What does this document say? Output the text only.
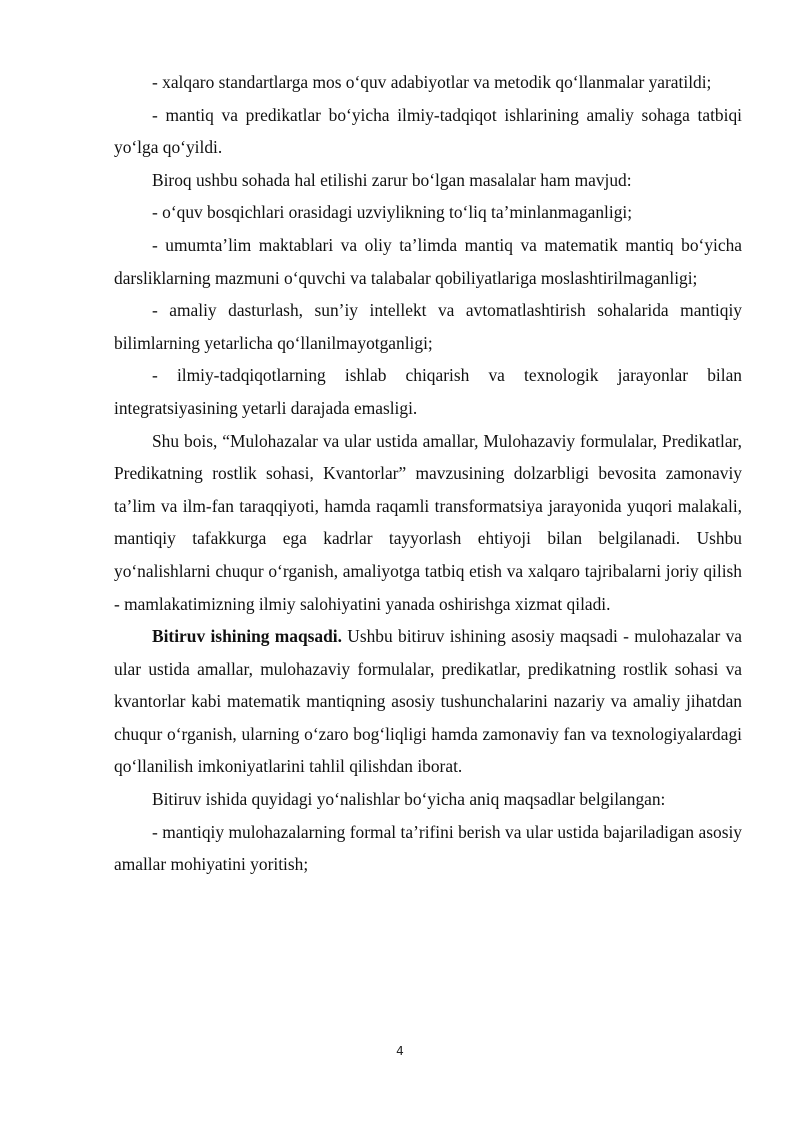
- xalqaro standartlarga mos o‘quv adabiyotlar va metodik qo‘llanmalar yaratildi;

- mantiq va predikatlar bo‘yicha ilmiy-tadqiqot ishlarining amaliy sohaga tatbiqi yo‘lga qo‘yildi.

Biroq ushbu sohada hal etilishi zarur bo‘lgan masalalar ham mavjud:

- o‘quv bosqichlari orasidagi uzviylikning to‘liq ta’minlanmaganligi;

- umumta’lim maktablari va oliy ta’limda mantiq va matematik mantiq bo‘yicha darsliklarning mazmuni o‘quvchi va talabalar qobiliyatlariga moslashtirilmaganligi;

- amaliy dasturlash, sun’iy intellekt va avtomatlashtirish sohalarida mantiqiy bilimlarning yetarlicha qo‘llanilmayotganligi;

- ilmiy-tadqiqotlarning ishlab chiqarish va texnologik jarayonlar bilan integratsiyasining yetarli darajada emasligi.

Shu bois, “Mulohazalar va ular ustida amallar, Mulohazaviy formulalar, Predikatlar, Predikatning rostlik sohasi, Kvantorlar” mavzusining dolzarbligi bevosita zamonaviy ta’lim va ilm-fan taraqqiyoti, hamda raqamli transformatsiya jarayonida yuqori malakali, mantiqiy tafakkurga ega kadrlar tayyorlash ehtiyoji bilan belgilanadi. Ushbu yo‘nalishlarni chuqur o‘rganish, amaliyotga tatbiq etish va xalqaro tajribalarni joriy qilish - mamlakatimizning ilmiy salohiyatini yanada oshirishga xizmat qiladi.

Bitiruv ishining maqsadi. Ushbu bitiruv ishining asosiy maqsadi - mulohazalar va ular ustida amallar, mulohazaviy formulalar, predikatlar, predikatning rostlik sohasi va kvantorlar kabi matematik mantiqning asosiy tushunchalarini nazariy va amaliy jihatdan chuqur o‘rganish, ularning o‘zaro bog‘liqligi hamda zamonaviy fan va texnologiyalardagi qo‘llanilish imkoniyatlarini tahlil qilishdan iborat.

Bitiruv ishida quyidagi yo‘nalishlar bo‘yicha aniq maqsadlar belgilangan:

- mantiqiy mulohazalarning formal ta’rifini berish va ular ustida bajariladigan asosiy amallar mohiyatini yoritish;

4
